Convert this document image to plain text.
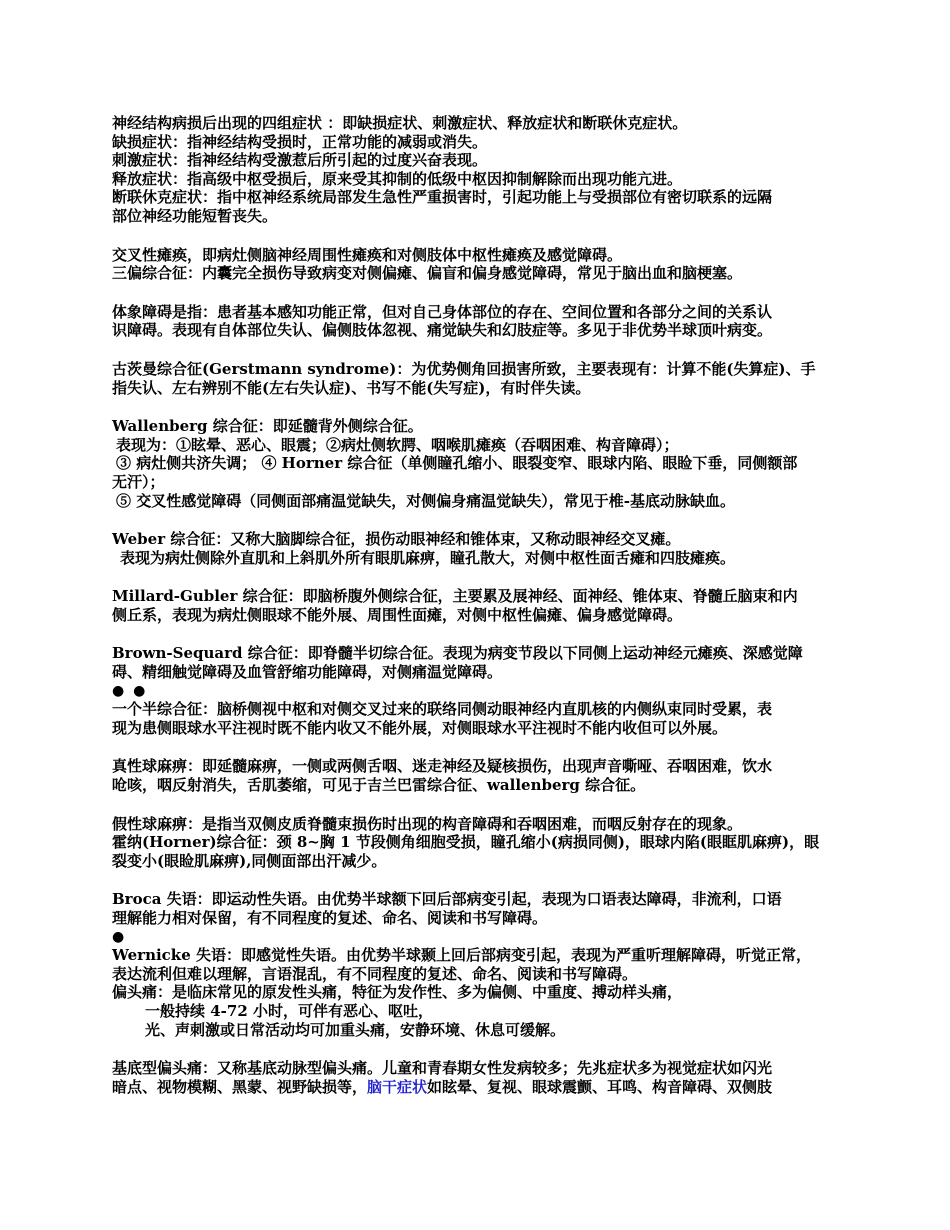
神经结构病损后出现的四组症状 ：即缺损症状、刺激症状、释放症状和断联休克症状。
缺损症状：指神经结构受损时，正常功能的减弱或消失。
刺激症状：指神经结构受激惹后所引起的过度兴奋表现。
释放症状：指高级中枢受损后，原来受其抑制的低级中枢因抑制解除而出现功能亢进。
断联休克症状：指中枢神经系统局部发生急性严重损害时，引起功能上与受损部位有密切联系的远隔
部位神经功能短暂丧失。
交叉性瘫痪，即病灶侧脑神经周围性瘫痪和对侧肢体中枢性瘫痪及感觉障碍。
三偏综合征：内囊完全损伤导致病变对侧偏瘫、偏盲和偏身感觉障碍，常见于脑出血和脑梗塞。
体象障碍是指：患者基本感知功能正常，但对自己身体部位的存在、空间位置和各部分之间的关系认
识障碍。表现有自体部位失认、偏侧肢体忽视、痛觉缺失和幻肢症等。多见于非优势半球顶叶病变。
古茨曼综合征(Gerstmann syndrome)：为优势侧角回损害所致，主要表现有：计算不能(失算症)、手
指失认、左右辨别不能(左右失认症)、书写不能(失写症)，有时伴失读。
Wallenberg 综合征：即延髓背外侧综合征。
表现为：①眩晕、恶心、眼震；②病灶侧软腭、咽喉肌瘫痪（吞咽困难、构音障碍）；
③ 病灶侧共济失调； ④ Horner 综合征（单侧瞳孔缩小、眼裂变窄、眼球内陷、眼睑下垂，同侧额部
无汗）；
⑤ 交叉性感觉障碍（同侧面部痛温觉缺失，对侧偏身痛温觉缺失），常见于椎-基底动脉缺血。
Weber 综合征：又称大脑脚综合征，损伤动眼神经和锥体束，又称动眼神经交叉瘫。
表现为病灶侧除外直肌和上斜肌外所有眼肌麻痹，瞳孔散大，对侧中枢性面舌瘫和四肢瘫痪。
Millard-Gubler 综合征：即脑桥腹外侧综合征，主要累及展神经、面神经、锥体束、脊髓丘脑束和内
侧丘系，表现为病灶侧眼球不能外展、周围性面瘫，对侧中枢性偏瘫、偏身感觉障碍。
Brown-Sequard 综合征：即脊髓半切综合征。表现为病变节段以下同侧上运动神经元瘫痪、深感觉障
碍、精细触觉障碍及血管舒缩功能障碍，对侧痛温觉障碍。
● ●
一个半综合征：脑桥侧视中枢和对侧交叉过来的联络同侧动眼神经内直肌核的内侧纵束同时受累，表
现为患侧眼球水平注视时既不能内收又不能外展，对侧眼球水平注视时不能内收但可以外展。
真性球麻痹：即延髓麻痹，一侧或两侧舌咽、迷走神经及疑核损伤，出现声音嘶哑、吞咽困难，饮水
呛咳，咽反射消失，舌肌萎缩，可见于吉兰巴雷综合征、wallenberg 综合征。
假性球麻痹：是指当双侧皮质脊髓束损伤时出现的构音障碍和吞咽困难，而咽反射存在的现象。
霍纳(Horner)综合征：颈 8~胸 1 节段侧角细胞受损，瞳孔缩小(病损同侧)，眼球内陷(眼眶肌麻痹)，眼
裂变小(眼睑肌麻痹),同侧面部出汗减少。
Broca 失语：即运动性失语。由优势半球额下回后部病变引起，表现为口语表达障碍，非流利，口语
理解能力相对保留，有不同程度的复述、命名、阅读和书写障碍。
●
Wernicke 失语：即感觉性失语。由优势半球颞上回后部病变引起，表现为严重听理解障碍，听觉正常，
表达流利但难以理解，言语混乱，有不同程度的复述、命名、阅读和书写障碍。
偏头痛：是临床常见的原发性头痛，特征为发作性、多为偏侧、中重度、搏动样头痛，
一般持续 4-72 小时，可伴有恶心、呕吐，
光、声刺激或日常活动均可加重头痛，安静环境、休息可缓解。
基底型偏头痛：又称基底动脉型偏头痛。儿童和青春期女性发病较多；先兆症状多为视觉症状如闪光
暗点、视物模糊、黑蒙、视野缺损等，脑干症状如眩晕、复视、眼球震颤、耳鸣、构音障碍、双侧肢
